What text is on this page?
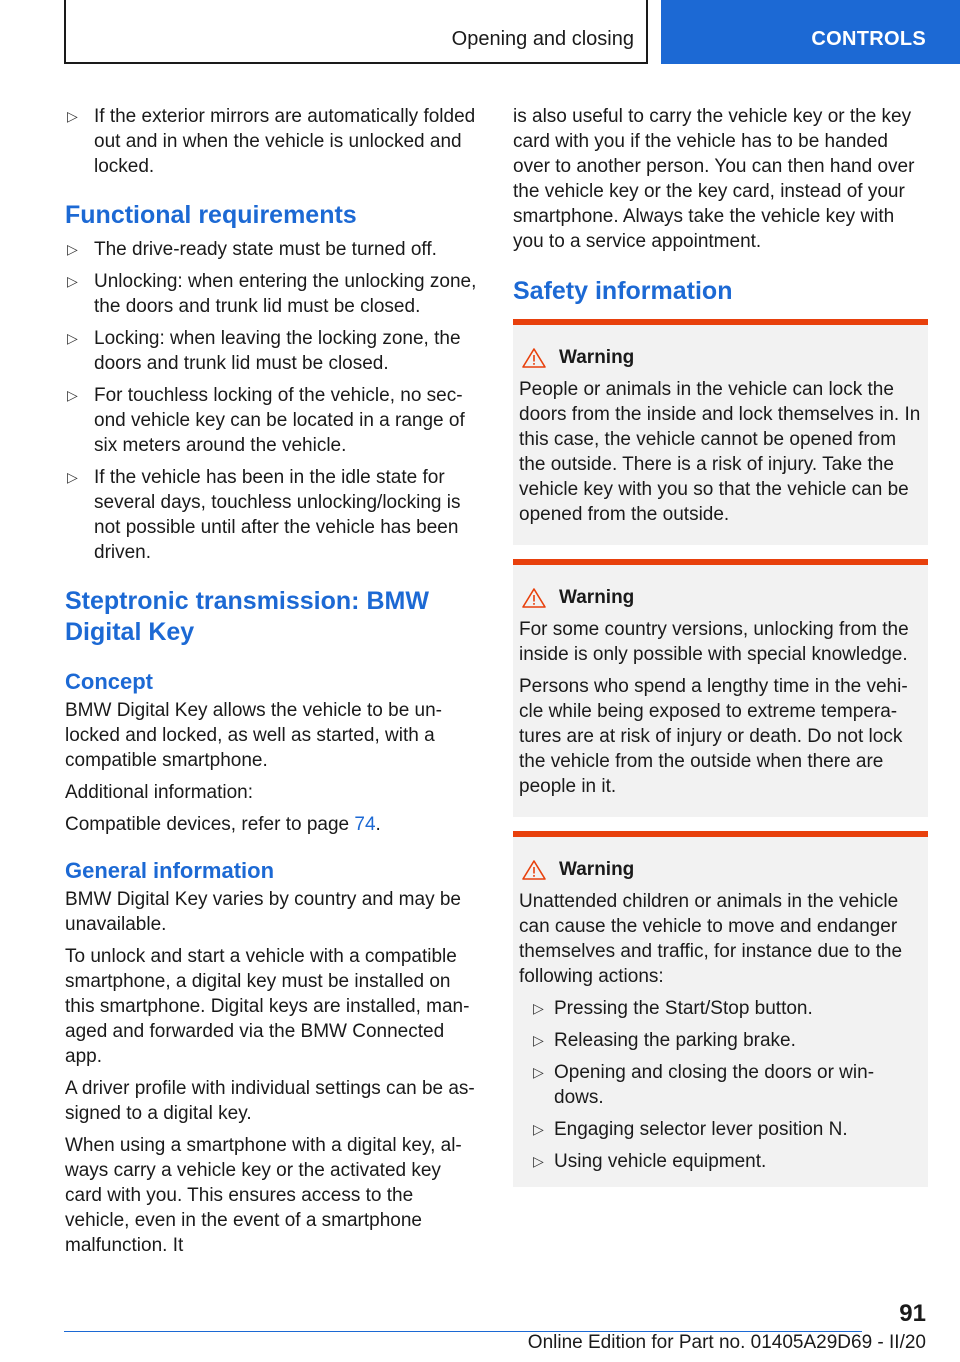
Opening and closing	CONTROLS
▷ If the exterior mirrors are automatically folded out and in when the vehicle is unlocked and locked.
Functional requirements
▷ The drive-ready state must be turned off.
▷ Unlocking: when entering the unlocking zone, the doors and trunk lid must be closed.
▷ Locking: when leaving the locking zone, the doors and trunk lid must be closed.
▷ For touchless locking of the vehicle, no sec- ond vehicle key can be located in a range of six meters around the vehicle.
▷ If the vehicle has been in the idle state for several days, touchless unlocking/locking is not possible until after the vehicle has been driven.
Steptronic transmission: BMW Digital Key
Concept

BMW Digital Key allows the vehicle to be un- locked and locked, as well as started, with a compatible smartphone.

Additional information:

Compatible devices, refer to page 74.

General information

BMW Digital Key varies by country and may be unavailable.

To unlock and start a vehicle with a compatible smartphone, a digital key must be installed on this smartphone. Digital keys are installed, man- aged and forwarded via the BMW Connected app.

A driver profile with individual settings can be as- signed to a digital key.

When using a smartphone with a digital key, al- ways carry a vehicle key or the activated key card with you. This ensures access to the vehicle, even in the event of a smartphone malfunction. It

is also useful to carry the vehicle key or the key card with you if the vehicle has to be handed over to another person. You can then hand over the vehicle key or the key card, instead of your smartphone. Always take the vehicle key with you to a service appointment.

Safety information
Warning

People or animals in the vehicle can lock the doors from the inside and lock themselves in. In this case, the vehicle cannot be opened from the outside. There is a risk of injury. Take the vehicle key with you so that the vehicle can be opened from the outside.

Warning

For some country versions, unlocking from the inside is only possible with special knowledge.

Persons who spend a lengthy time in the vehi- cle while being exposed to extreme tempera- tures are at risk of injury or death. Do not lock the vehicle from the outside when there are people in it.

Warning

Unattended children or animals in the vehicle can cause the vehicle to move and endanger themselves and traffic, for instance due to the following actions:

▷ Pressing the Start/Stop button.
▷ Releasing the parking brake.
▷ Opening and closing the doors or win- dows.
▷ Engaging selector lever position N.
▷ Using vehicle equipment.
91
Online Edition for Part no. 01405A29D69 - II/20
